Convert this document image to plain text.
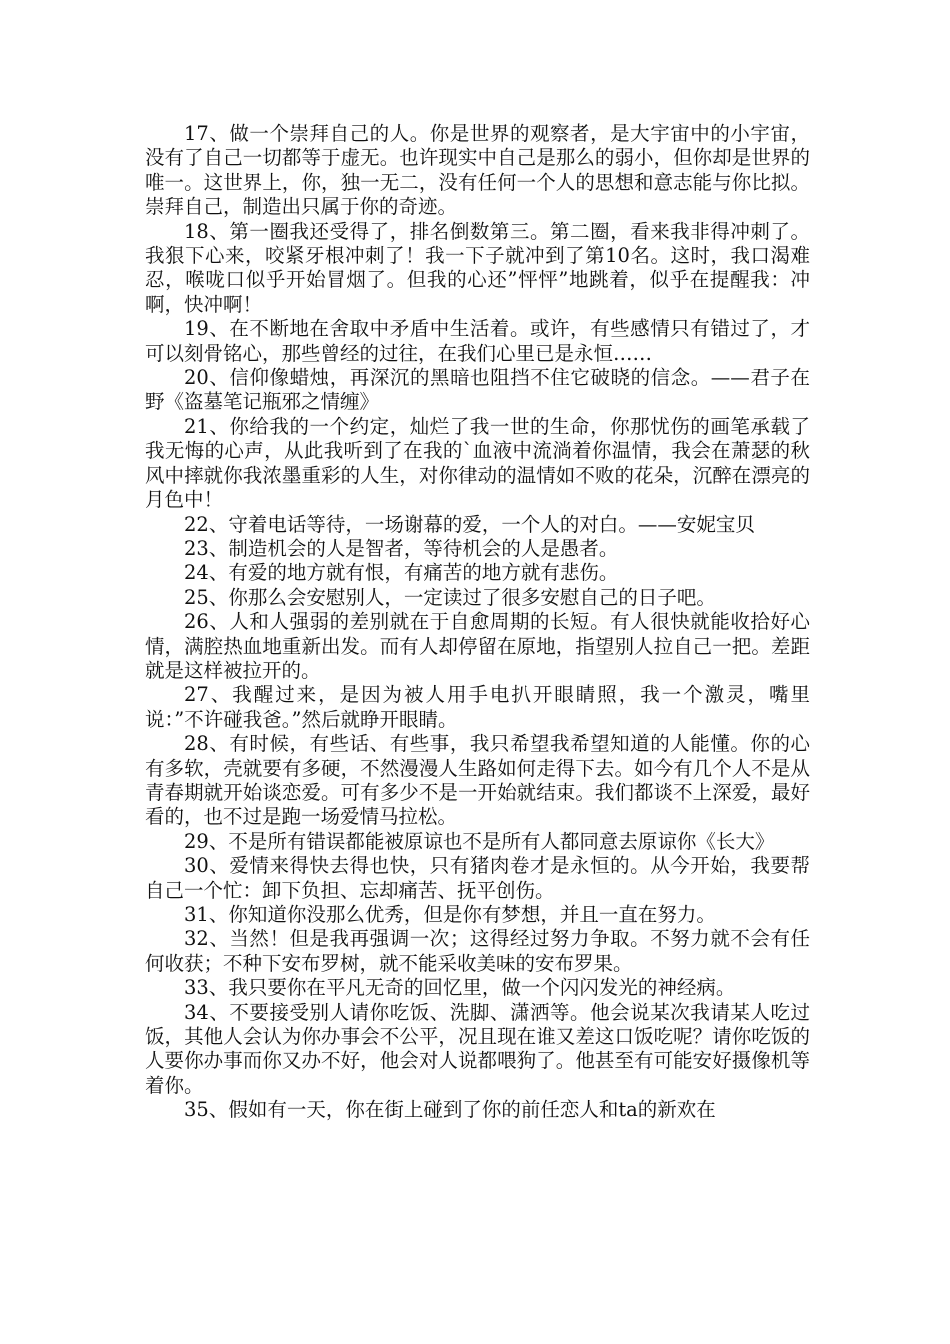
17、做一个崇拜自己的人。你是世界的观察者，是大宇宙中的小宇宙，没有了自己一切都等于虚无。也许现实中自己是那么的弱小，但你却是世界的唯一。这世界上，你，独一无二，没有任何一个人的思想和意志能与你比拟。崇拜自己，制造出只属于你的奇迹。

18、第一圈我还受得了，排名倒数第三。第二圈，看来我非得冲刺了。我狠下心来，咬紧牙根冲刺了！我一下子就冲到了第10名。这时，我口渴难忍，喉咙口似乎开始冒烟了。但我的心还”怦怦”地跳着，似乎在提醒我：冲啊，快冲啊！

19、在不断地在舍取中矛盾中生活着。或许，有些感情只有错过了，才可以刻骨铭心，那些曾经的过往，在我们心里已是永恒……

20、信仰像蜡烛，再深沉的黑暗也阻挡不住它破晓的信念。——君子在野《盗墓笔记瓶邪之情缠》

21、你给我的一个约定，灿烂了我一世的生命，你那忧伤的画笔承载了我无悔的心声，从此我听到了在我的`血液中流淌着你温情，我会在萧瑟的秋风中摔就你我浓墨重彩的人生，对你律动的温情如不败的花朵，沉醉在漂亮的月色中！

22、守着电话等待，一场谢幕的爱，一个人的对白。——安妮宝贝

23、制造机会的人是智者，等待机会的人是愚者。

24、有爱的地方就有恨，有痛苦的地方就有悲伤。

25、你那么会安慰别人，一定读过了很多安慰自己的日子吧。

26、人和人强弱的差别就在于自愈周期的长短。有人很快就能收拾好心情，满腔热血地重新出发。而有人却停留在原地，指望别人拉自己一把。差距就是这样被拉开的。

27、我醒过来，是因为被人用手电扒开眼睛照，我一个激灵，嘴里说：”不许碰我爸。”然后就睁开眼睛。

28、有时候，有些话、有些事，我只希望我希望知道的人能懂。你的心有多软，壳就要有多硬，不然漫漫人生路如何走得下去。如今有几个人不是从青春期就开始谈恋爱。可有多少不是一开始就结束。我们都谈不上深爱，最好看的，也不过是跑一场爱情马拉松。

29、不是所有错误都能被原谅也不是所有人都同意去原谅你《长大》

30、爱情来得快去得也快，只有猪肉卷才是永恒的。从今开始，我要帮自己一个忙：卸下负担、忘却痛苦、抚平创伤。

31、你知道你没那么优秀，但是你有梦想，并且一直在努力。

32、当然！但是我再强调一次；这得经过努力争取。不努力就不会有任何收获；不种下安布罗树，就不能采收美味的安布罗果。

33、我只要你在平凡无奇的回忆里，做一个闪闪发光的神经病。

34、不要接受别人请你吃饭、洗脚、潇洒等。他会说某次我请某人吃过饭，其他人会认为你办事会不公平，况且现在谁又差这口饭吃呢？请你吃饭的人要你办事而你又办不好，他会对人说都喂狗了。他甚至有可能安好摄像机等着你。

35、假如有一天，你在街上碰到了你的前任恋人和ta的新欢在
